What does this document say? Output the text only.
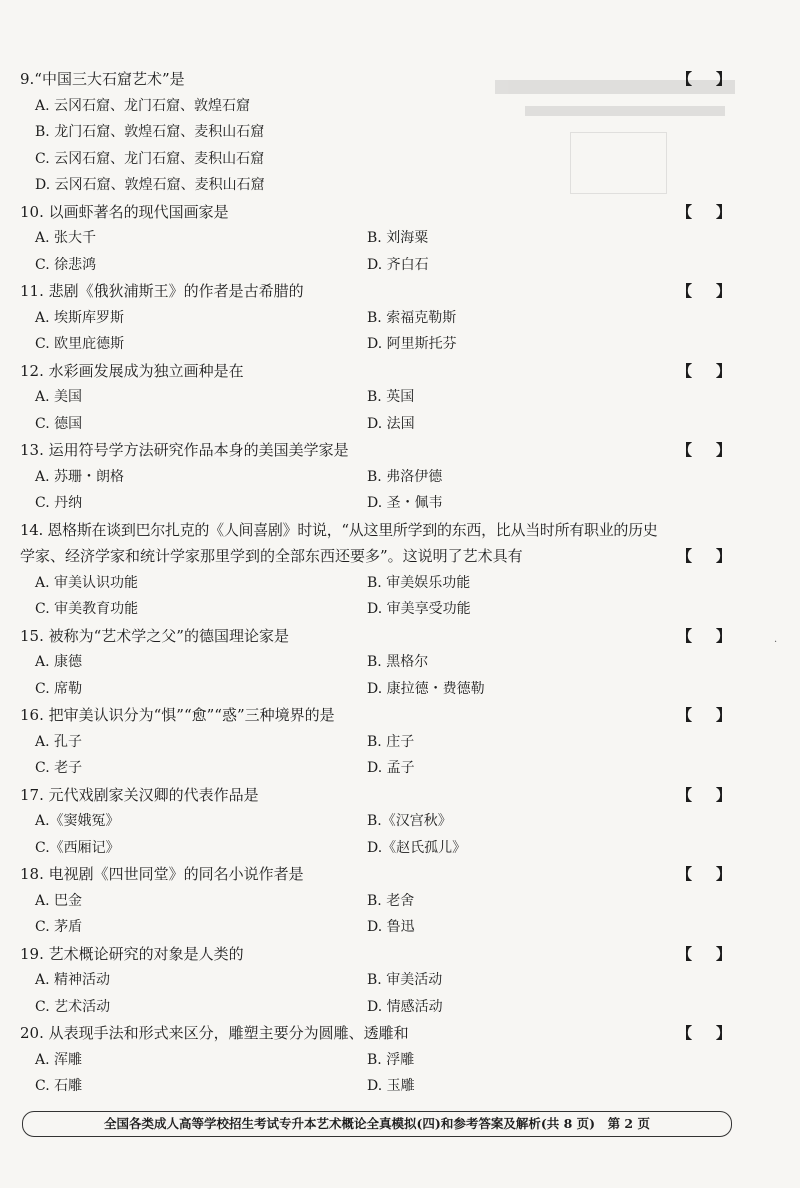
9.“中国三大石窟艺术”是	【 】
A. 云冈石窟、龙门石窟、敦煌石窟
B. 龙门石窟、敦煌石窟、麦积山石窟
C. 云冈石窟、龙门石窟、麦积山石窟
D. 云冈石窟、敦煌石窟、麦积山石窟
10. 以画虾著名的现代国画家是	【 】
A. 张大千	B. 刘海粟
C. 徐悲鸿	D. 齐白石
11. 悲剧《俄狄浦斯王》的作者是古希腊的	【 】
A. 埃斯库罗斯	B. 索福克勒斯
C. 欧里庇德斯	D. 阿里斯托芬
12. 水彩画发展成为独立画种是在	【 】
A. 美国	B. 英国
C. 德国	D. 法国
13. 运用符号学方法研究作品本身的美国美学家是	【 】
A. 苏珊・朗格	B. 弗洛伊德
C. 丹纳	D. 圣・佩韦
14. 恩格斯在谈到巴尔扎克的《人间喜剧》时说，“从这里所学到的东西，比从当时所有职业的历史
学家、经济学家和统计学家那里学到的全部东西还要多”。这说明了艺术具有	【 】
A. 审美认识功能	B. 审美娱乐功能
C. 审美教育功能	D. 审美享受功能
15. 被称为“艺术学之父”的德国理论家是	【 】
A. 康德	B. 黑格尔
C. 席勒	D. 康拉德・费德勒
16. 把审美认识分为“惧”“愈”“惑”三种境界的是	【 】
A. 孔子	B. 庄子
C. 老子	D. 孟子
17. 元代戏剧家关汉卿的代表作品是	【 】
A.《窦娥冤》	B.《汉宫秋》
C.《西厢记》	D.《赵氏孤儿》
18. 电视剧《四世同堂》的同名小说作者是	【 】
A. 巴金	B. 老舍
C. 茅盾	D. 鲁迅
19. 艺术概论研究的对象是人类的	【 】
A. 精神活动	B. 审美活动
C. 艺术活动	D. 情感活动
20. 从表现手法和形式来区分，雕塑主要分为圆雕、透雕和	【 】
A. 浑雕	B. 浮雕
C. 石雕	D. 玉雕
·
全国各类成人高等学校招生考试专升本艺术概论全真模拟(四)和参考答案及解析(共 8 页)　第 2 页
